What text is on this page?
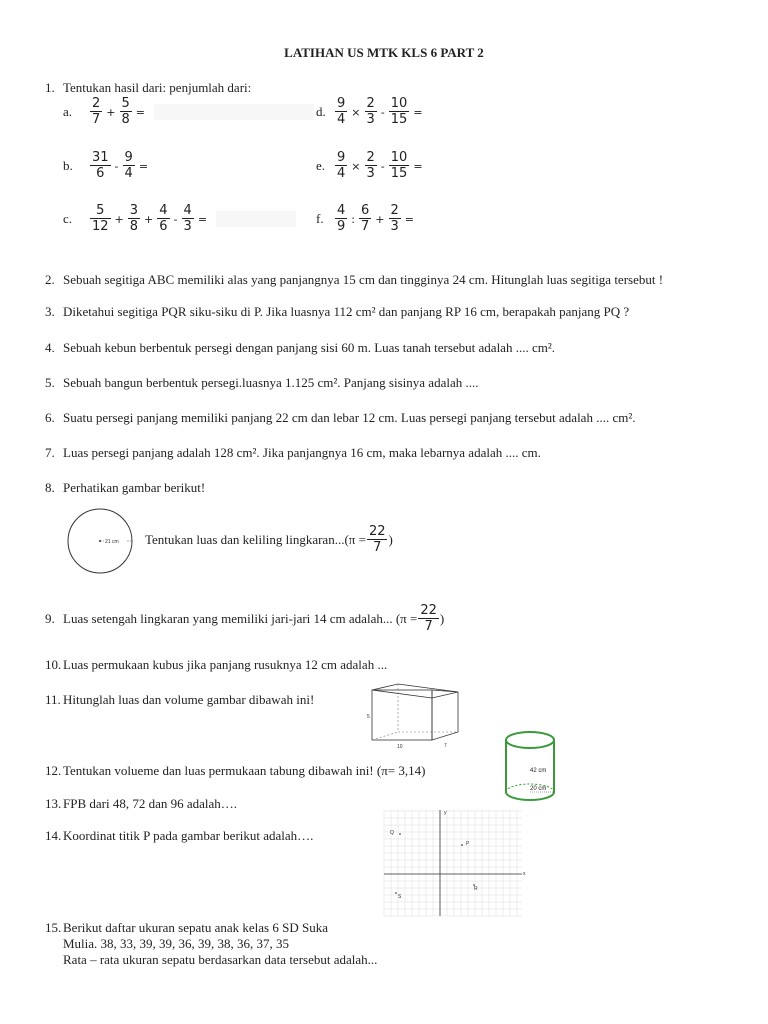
LATIHAN US MTK KLS 6 PART 2
1. Tentukan hasil dari: penjumlah dari:
a.	$\frac{2}{7} + \frac{5}{8}$ =
b.	$\frac{31}{6} - \frac{9}{4}$ =
c.	$\frac{5}{12} + \frac{3}{8} + \frac{4}{6} - \frac{4}{3}$ =
d. $\frac{9}{4} \times \frac{2}{3} - \frac{10}{15}$ =
e. $\frac{9}{4} \times \frac{2}{3} - \frac{10}{15}$ =
f. $\frac{4}{9}$ : $\frac{6}{7} + \frac{2}{3}$ =
2. Sebuah segitiga ABC memiliki alas yang panjangnya 15 cm dan tingginya 24 cm. Hitunglah luas segitiga tersebut !
3. Diketahui segitiga PQR siku-siku di P. Jika luasnya 112 cm² dan panjang RP 16 cm, berapakah panjang PQ ?
4. Sebuah kebun berbentuk persegi dengan panjang sisi 60 m. Luas tanah tersebut adalah .... cm².
5. Sebuah bangun berbentuk persegi.luasnya 1.125 cm². Panjang sisinya adalah ....
6. Suatu persegi panjang memiliki panjang 22 cm dan lebar 12 cm. Luas persegi panjang tersebut adalah .... cm².
7. Luas persegi panjang adalah 128 cm². Jika panjangnya 16 cm, maka lebarnya adalah .... cm.
8. Perhatikan gambar berikut!
21 cm Tentukan luas dan keliling lingkaran...(π = $\frac{22}{7}$ )
9. Luas setengah lingkaran yang memiliki jari-jari 14 cm adalah... ($\pi = \frac{22}{7}$ )
10. Luas permukaan kubus jika panjang rusuknya 12 cm adalah ...
11. Hitunglah luas dan volume gambar dibawah ini!
5
10	7
12. Tentukan volueme dan luas permukaan tabung dibawah ini! (π= 3,14)	42 cm
20 cm
13. FPB dari 48, 72 dan 96 adalah….
14. Koordinat titik P pada gambar berikut adalah….
x
y
P
Q
R
S
15. Berikut daftar ukuran sepatu anak kelas 6 SD Suka
Mulia. 38, 33, 39, 39, 36, 39, 38, 36, 37, 35
Rata – rata ukuran sepatu berdasarkan data tersebut adalah...
